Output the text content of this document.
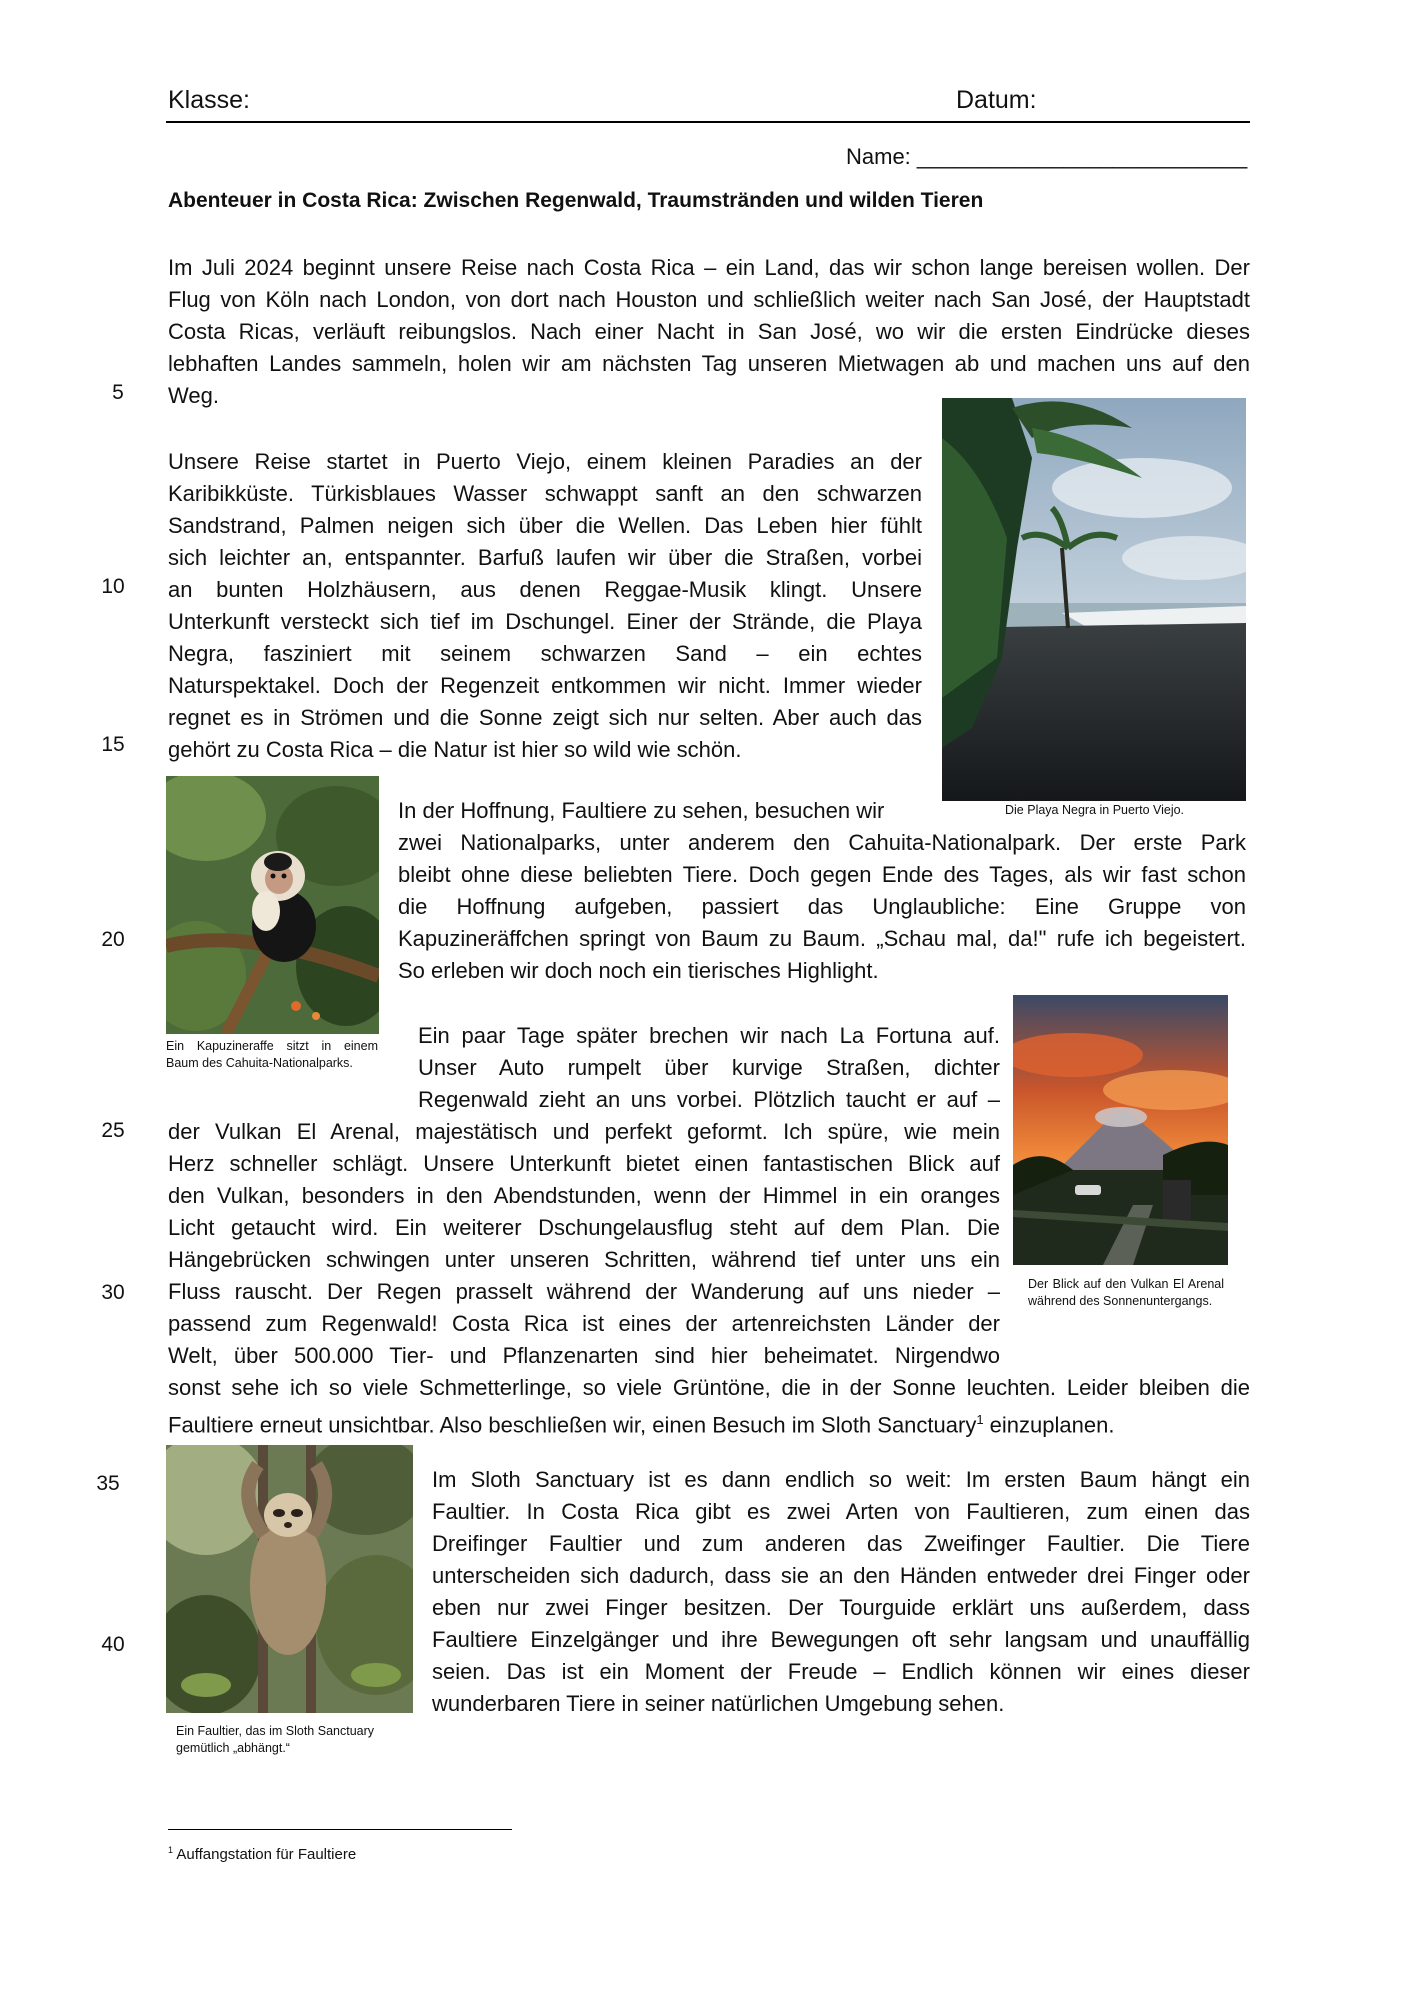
Klasse:	Datum:
Name: ___________________________
Abenteuer in Costa Rica: Zwischen Regenwald, Traumstränden und wilden Tieren
5
10
15
20
25
30
35
40
Im Juli 2024 beginnt unsere Reise nach Costa Rica – ein Land, das wir schon lange bereisen wollen. Der
Flug von Köln nach London, von dort nach Houston und schließlich weiter nach San José, der Hauptstadt
Costa Ricas, verläuft reibungslos. Nach einer Nacht in San José, wo wir die ersten Eindrücke dieses
lebhaften Landes sammeln, holen wir am nächsten Tag unseren Mietwagen ab und machen uns auf den
Weg.
Die Playa Negra in Puerto Viejo.
Unsere Reise startet in Puerto Viejo, einem kleinen Paradies an der
Karibikküste. Türkisblaues Wasser schwappt sanft an den schwarzen
Sandstrand, Palmen neigen sich über die Wellen. Das Leben hier fühlt
sich leichter an, entspannter. Barfuß laufen wir über die Straßen, vorbei
an bunten Holzhäusern, aus denen Reggae-Musik klingt. Unsere
Unterkunft versteckt sich tief im Dschungel. Einer der Strände, die Playa
Negra, fasziniert mit seinem schwarzen Sand – ein echtes
Naturspektakel. Doch der Regenzeit entkommen wir nicht. Immer wieder
regnet es in Strömen und die Sonne zeigt sich nur selten. Aber auch das
gehört zu Costa Rica – die Natur ist hier so wild wie schön.
Ein Kapuzineraffe sitzt in einem
Baum des Cahuita-Nationalparks.
In der Hoffnung, Faultiere zu sehen, besuchen wir
zwei Nationalparks, unter anderem den Cahuita-Nationalpark. Der erste Park
bleibt ohne diese beliebten Tiere. Doch gegen Ende des Tages, als wir fast schon
die Hoffnung aufgeben, passiert das Unglaubliche: Eine Gruppe von
Kapuzineräffchen springt von Baum zu Baum. „Schau mal, da!" rufe ich begeistert.
So erleben wir doch noch ein tierisches Highlight.
Der Blick auf den Vulkan El Arenal
während des Sonnenuntergangs.
Ein paar Tage später brechen wir nach La Fortuna auf.
Unser Auto rumpelt über kurvige Straßen, dichter
Regenwald zieht an uns vorbei. Plötzlich taucht er auf –
der Vulkan El Arenal, majestätisch und perfekt geformt. Ich spüre, wie mein
Herz schneller schlägt. Unsere Unterkunft bietet einen fantastischen Blick auf
den Vulkan, besonders in den Abendstunden, wenn der Himmel in ein oranges
Licht getaucht wird. Ein weiterer Dschungelausflug steht auf dem Plan. Die
Hängebrücken schwingen unter unseren Schritten, während tief unter uns ein
Fluss rauscht. Der Regen prasselt während der Wanderung auf uns nieder –
passend zum Regenwald! Costa Rica ist eines der artenreichsten Länder der
Welt, über 500.000 Tier- und Pflanzenarten sind hier beheimatet. Nirgendwo
sonst sehe ich so viele Schmetterlinge, so viele Grüntöne, die in der Sonne leuchten. Leider bleiben die
Faultiere erneut unsichtbar. Also beschließen wir, einen Besuch im Sloth Sanctuary$^1$ einzuplanen.
Ein Faultier, das im Sloth Sanctuary
gemütlich „abhängt.“
Im Sloth Sanctuary ist es dann endlich so weit: Im ersten Baum hängt ein
Faultier. In Costa Rica gibt es zwei Arten von Faultieren, zum einen das
Dreifinger Faultier und zum anderen das Zweifinger Faultier. Die Tiere
unterscheiden sich dadurch, dass sie an den Händen entweder drei Finger oder
eben nur zwei Finger besitzen. Der Tourguide erklärt uns außerdem, dass
Faultiere Einzelgänger und ihre Bewegungen oft sehr langsam und unauffällig
seien. Das ist ein Moment der Freude – Endlich können wir eines dieser
wunderbaren Tiere in seiner natürlichen Umgebung sehen.
$^1$ Auffangstation für Faultiere
